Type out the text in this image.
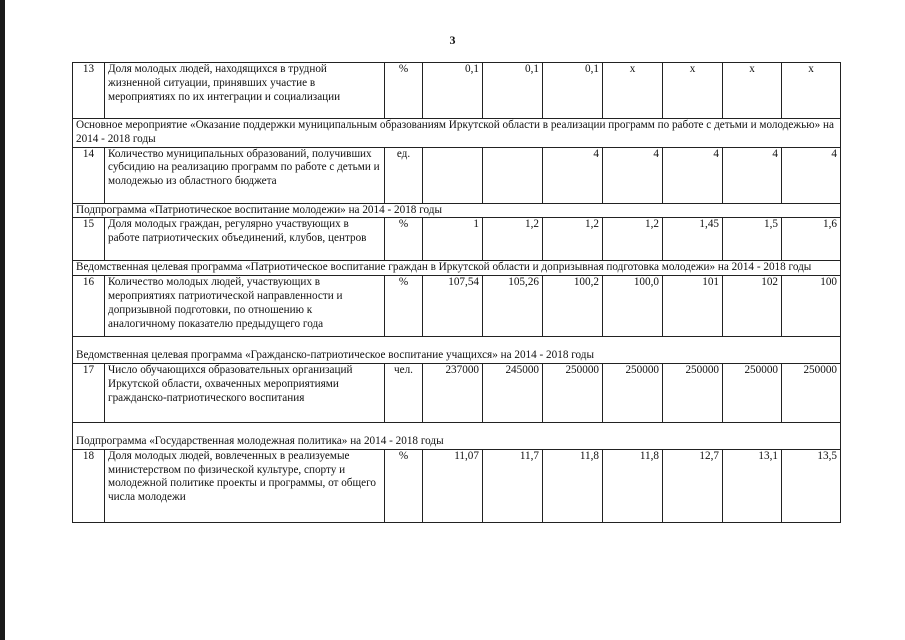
3
13	Доля молодых людей, находящихся в трудной жизненной ситуации, принявших участие в мероприятиях по их интеграции и социализации	%	0,1	0,1	0,1	х	х	х	х
Основное мероприятие «Оказание поддержки муниципальным образованиям Иркутской области в реализации программ по работе с детьми и молодежью» на 2014 - 2018 годы									
14	Количество муниципальных образований, получивших субсидию на реализацию программ по работе с детьми и молодежью из областного бюджета	ед.			4	4	4	4	4
Подпрограмма «Патриотическое воспитание молодежи» на 2014 - 2018 годы									
15	Доля молодых граждан, регулярно участвующих в работе патриотических объединений, клубов, центров	%	1	1,2	1,2	1,2	1,45	1,5	1,6
Ведомственная целевая программа «Патриотическое воспитание граждан в Иркутской области и допризывная подготовка молодежи» на 2014 - 2018 годы									
16	Количество молодых людей, участвующих в мероприятиях патриотической направленности и допризывной подготовки, по отношению к аналогичному показателю предыдущего года	%	107,54	105,26	100,2	100,0	101	102	100
Ведомственная целевая программа «Гражданско-патриотическое воспитание учащихся» на 2014 - 2018 годы									
17	Число обучающихся образовательных организаций Иркутской области, охваченных мероприятиями гражданско-патриотического воспитания	чел.	237000	245000	250000	250000	250000	250000	250000
Подпрограмма «Государственная молодежная политика» на 2014 - 2018 годы									
18	Доля молодых людей, вовлеченных в реализуемые министерством по физической культуре, спорту и молодежной политике проекты и программы, от общего числа молодежи	%	11,07	11,7	11,8	11,8	12,7	13,1	13,5
